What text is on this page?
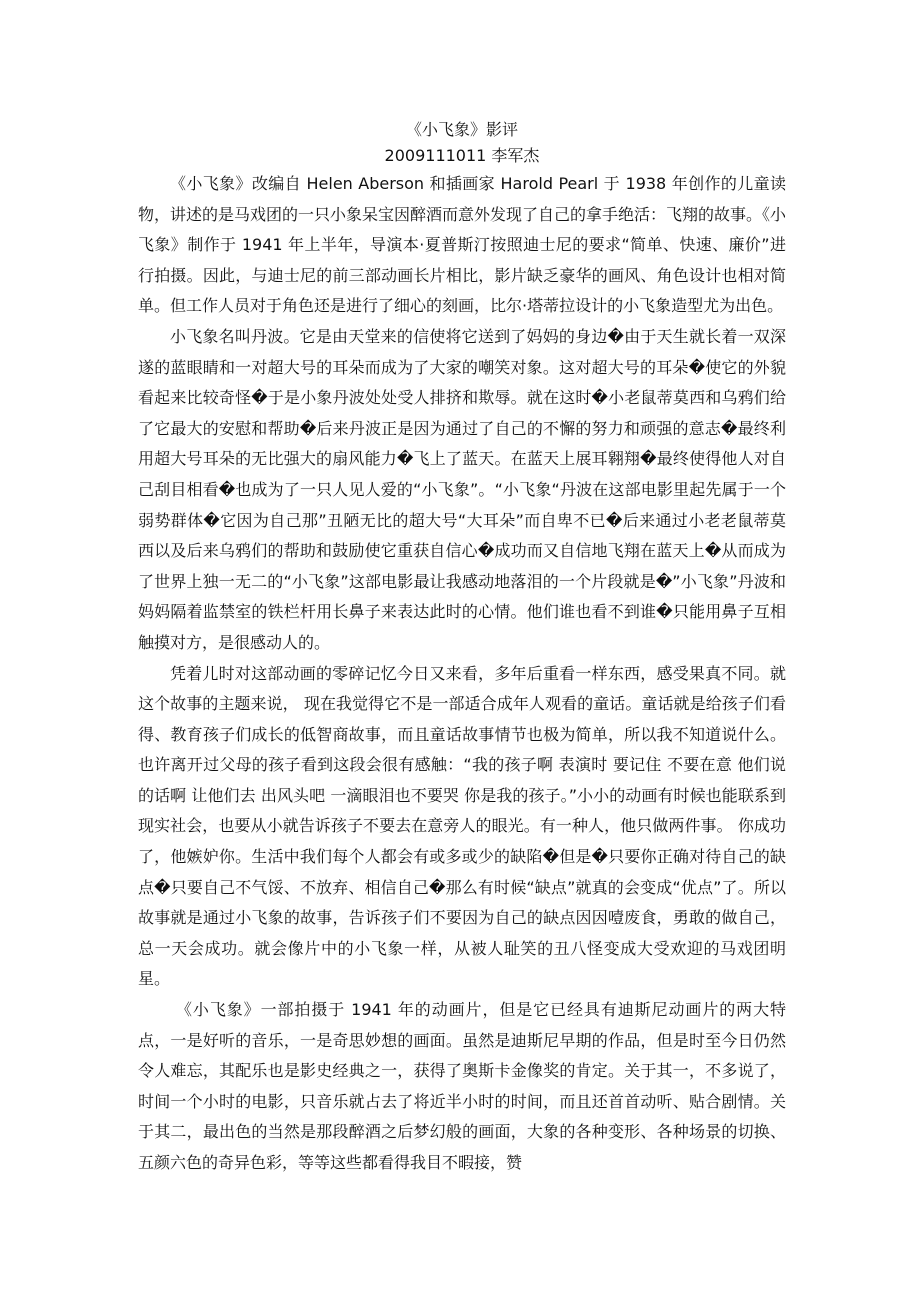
《小飞象》影评

2009111011 李军杰

《小飞象》改编自 Helen Aberson 和插画家 Harold Pearl 于 1938 年创作的儿童读物，讲述的是马戏团的一只小象呆宝因醉酒而意外发现了自己的拿手绝活：飞翔的故事。《小飞象》制作于 1941 年上半年，导演本·夏普斯汀按照迪士尼的要求“简单、快速、廉价”进行拍摄。因此，与迪士尼的前三部动画长片相比，影片缺乏豪华的画风、角色设计也相对简单。但工作人员对于角色还是进行了细心的刻画，比尔·塔蒂拉设计的小飞象造型尤为出色。

小飞象名叫丹波。它是由天堂来的信使将它送到了妈妈的身边�由于天生就长着一双深遂的蓝眼睛和一对超大号的耳朵而成为了大家的嘲笑对象。这对超大号的耳朵�使它的外貌看起来比较奇怪�于是小象丹波处处受人排挤和欺辱。就在这时�小老鼠蒂莫西和乌鸦们给了它最大的安慰和帮助�后来丹波正是因为通过了自己的不懈的努力和顽强的意志�最终利用超大号耳朵的无比强大的扇风能力�飞上了蓝天。在蓝天上展耳翱翔�最终使得他人对自己刮目相看�也成为了一只人见人爱的“小飞象”。“小飞象“丹波在这部电影里起先属于一个弱势群体�它因为自己那”丑陋无比的超大号“大耳朵”而自卑不已�后来通过小老老鼠蒂莫西以及后来乌鸦们的帮助和鼓励使它重获自信心�成功而又自信地飞翔在蓝天上�从而成为了世界上独一无二的“小飞象”这部电影最让我感动地落泪的一个片段就是�”小飞象”丹波和妈妈隔着监禁室的铁栏杆用长鼻子来表达此时的心情。他们谁也看不到谁�只能用鼻子互相触摸对方，是很感动人的。

凭着儿时对这部动画的零碎记忆今日又来看，多年后重看一样东西，感受果真不同。就这个故事的主题来说， 现在我觉得它不是一部适合成年人观看的童话。童话就是给孩子们看得、教育孩子们成长的低智商故事，而且童话故事情节也极为简单，所以我不知道说什么。也许离开过父母的孩子看到这段会很有感触：“我的孩子啊 表演时 要记住 不要在意 他们说的话啊 让他们去 出风头吧 一滴眼泪也不要哭 你是我的孩子。”小小的动画有时候也能联系到现实社会，也要从小就告诉孩子不要去在意旁人的眼光。有一种人，他只做两件事。 你成功了，他嫉妒你。生活中我们每个人都会有或多或少的缺陷�但是�只要你正确对待自己的缺点�只要自己不气馁、不放弃、相信自己�那么有时候“缺点”就真的会变成“优点”了。所以故事就是通过小飞象的故事，告诉孩子们不要因为自己的缺点因因噎废食，勇敢的做自己，总一天会成功。就会像片中的小飞象一样，从被人耻笑的丑八怪变成大受欢迎的马戏团明星。

《小飞象》一部拍摄于 1941 年的动画片，但是它已经具有迪斯尼动画片的两大特点，一是好听的音乐，一是奇思妙想的画面。虽然是迪斯尼早期的作品，但是时至今日仍然令人难忘，其配乐也是影史经典之一，获得了奥斯卡金像奖的肯定。关于其一，不多说了，时间一个小时的电影，只音乐就占去了将近半小时的时间，而且还首首动听、贴合剧情。关于其二，最出色的当然是那段醉酒之后梦幻般的画面，大象的各种变形、各种场景的切换、五颜六色的奇异色彩，等等这些都看得我目不暇接，赞
